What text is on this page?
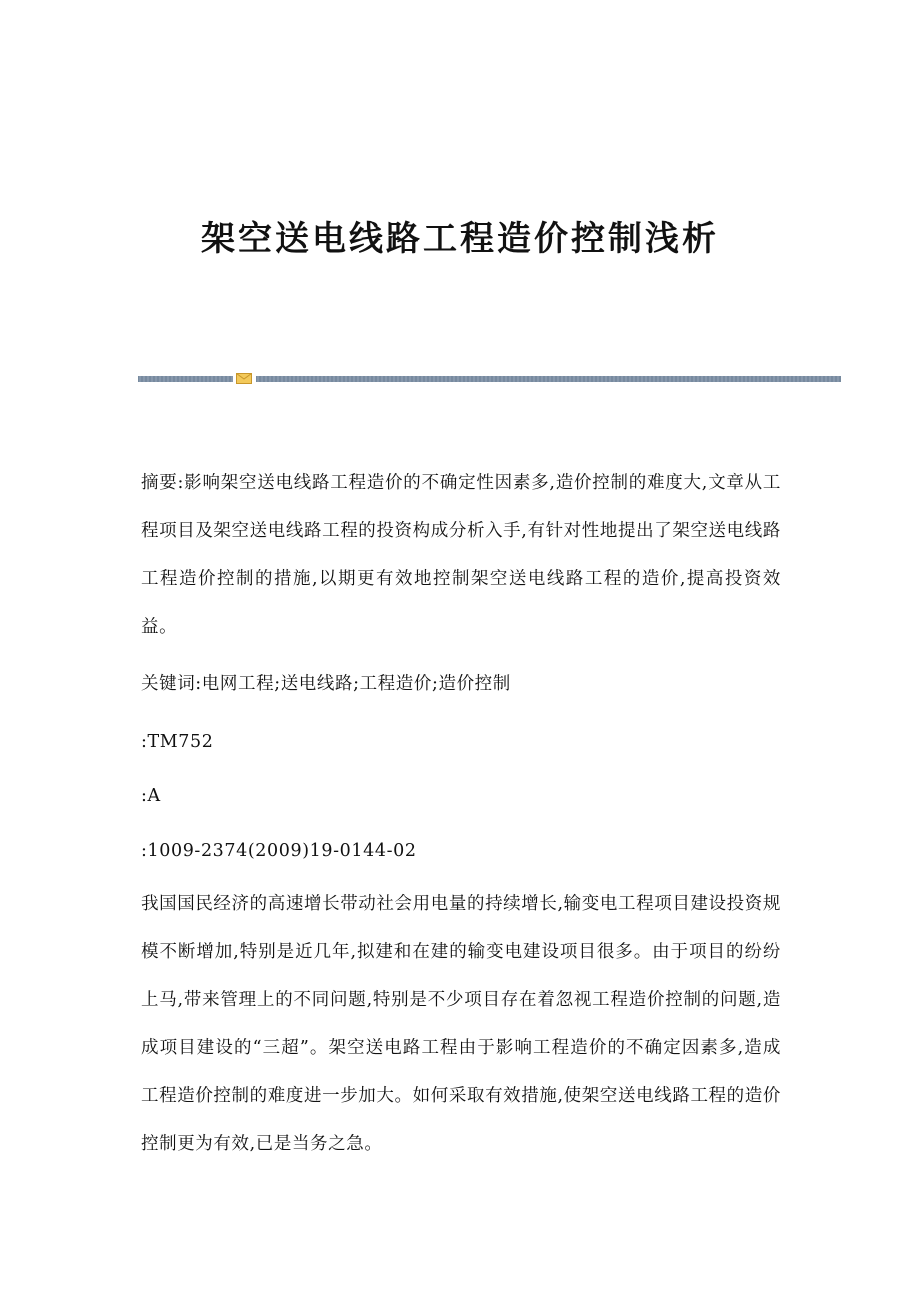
架空送电线路工程造价控制浅析

摘要:影响架空送电线路工程造价的不确定性因素多,造价控制的难度大,文章从工程项目及架空送电线路工程的投资构成分析入手,有针对性地提出了架空送电线路工程造价控制的措施,以期更有效地控制架空送电线路工程的造价,提高投资效益。

关键词:电网工程;送电线路;工程造价;造价控制

:TM752

:A

:1009-2374(2009)19-0144-02

我国国民经济的高速增长带动社会用电量的持续增长,输变电工程项目建设投资规模不断增加,特别是近几年,拟建和在建的输变电建设项目很多。由于项目的纷纷上马,带来管理上的不同问题,特别是不少项目存在着忽视工程造价控制的问题,造成项目建设的“三超”。架空送电路工程由于影响工程造价的不确定因素多,造成工程造价控制的难度进一步加大。如何采取有效措施,使架空送电线路工程的造价控制更为有效,已是当务之急。
